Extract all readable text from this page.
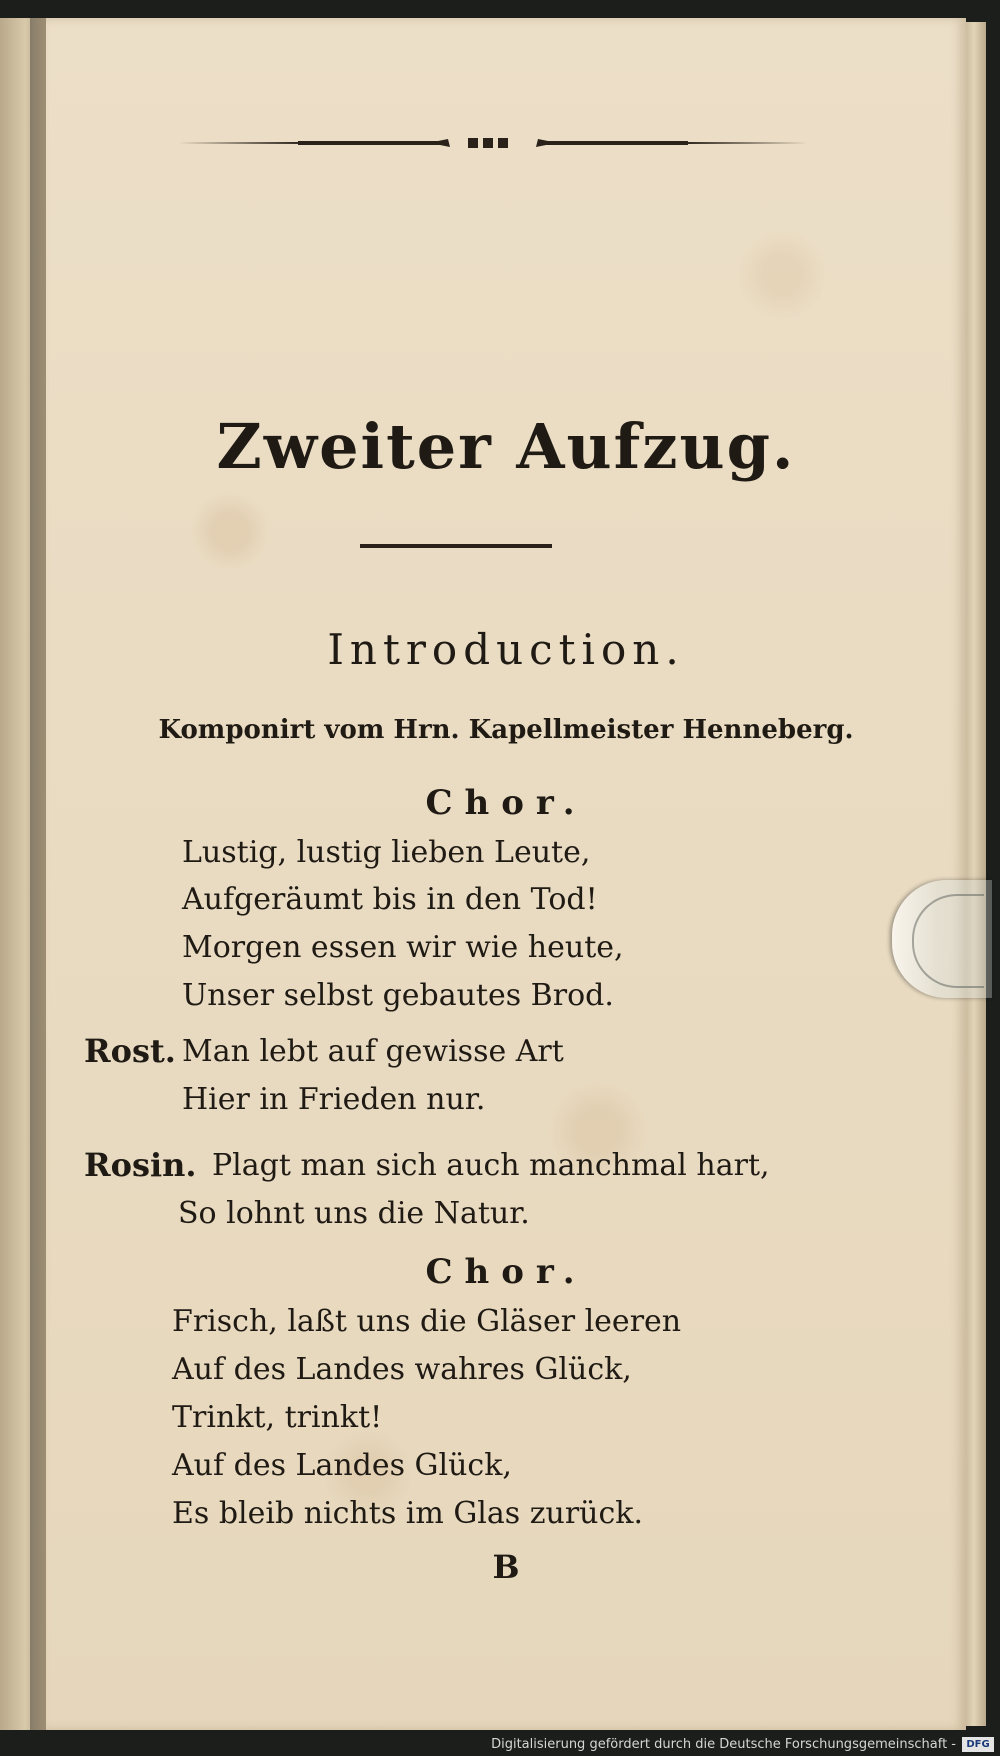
Zweiter Aufzug.
Introduction.
Komponirt vom Hrn. Kapellmeister Henneberg.
Chor.
Lustig, lustig lieben Leute,
Aufgeräumt bis in den Tod!
Morgen essen wir wie heute,
Unser selbst gebautes Brod.
Rost. Man lebt auf gewisse Art
Hier in Frieden nur.
Rosin. Plagt man sich auch manchmal hart,
So lohnt uns die Natur.
Chor.
Frisch, laßt uns die Gläser leeren
Auf des Landes wahres Glück,
Trinkt, trinkt!
Auf des Landes Glück,
Es bleib nichts im Glas zurück.
B
Digitalisierung gefördert durch die Deutsche Forschungsgemeinschaft -	DFG
